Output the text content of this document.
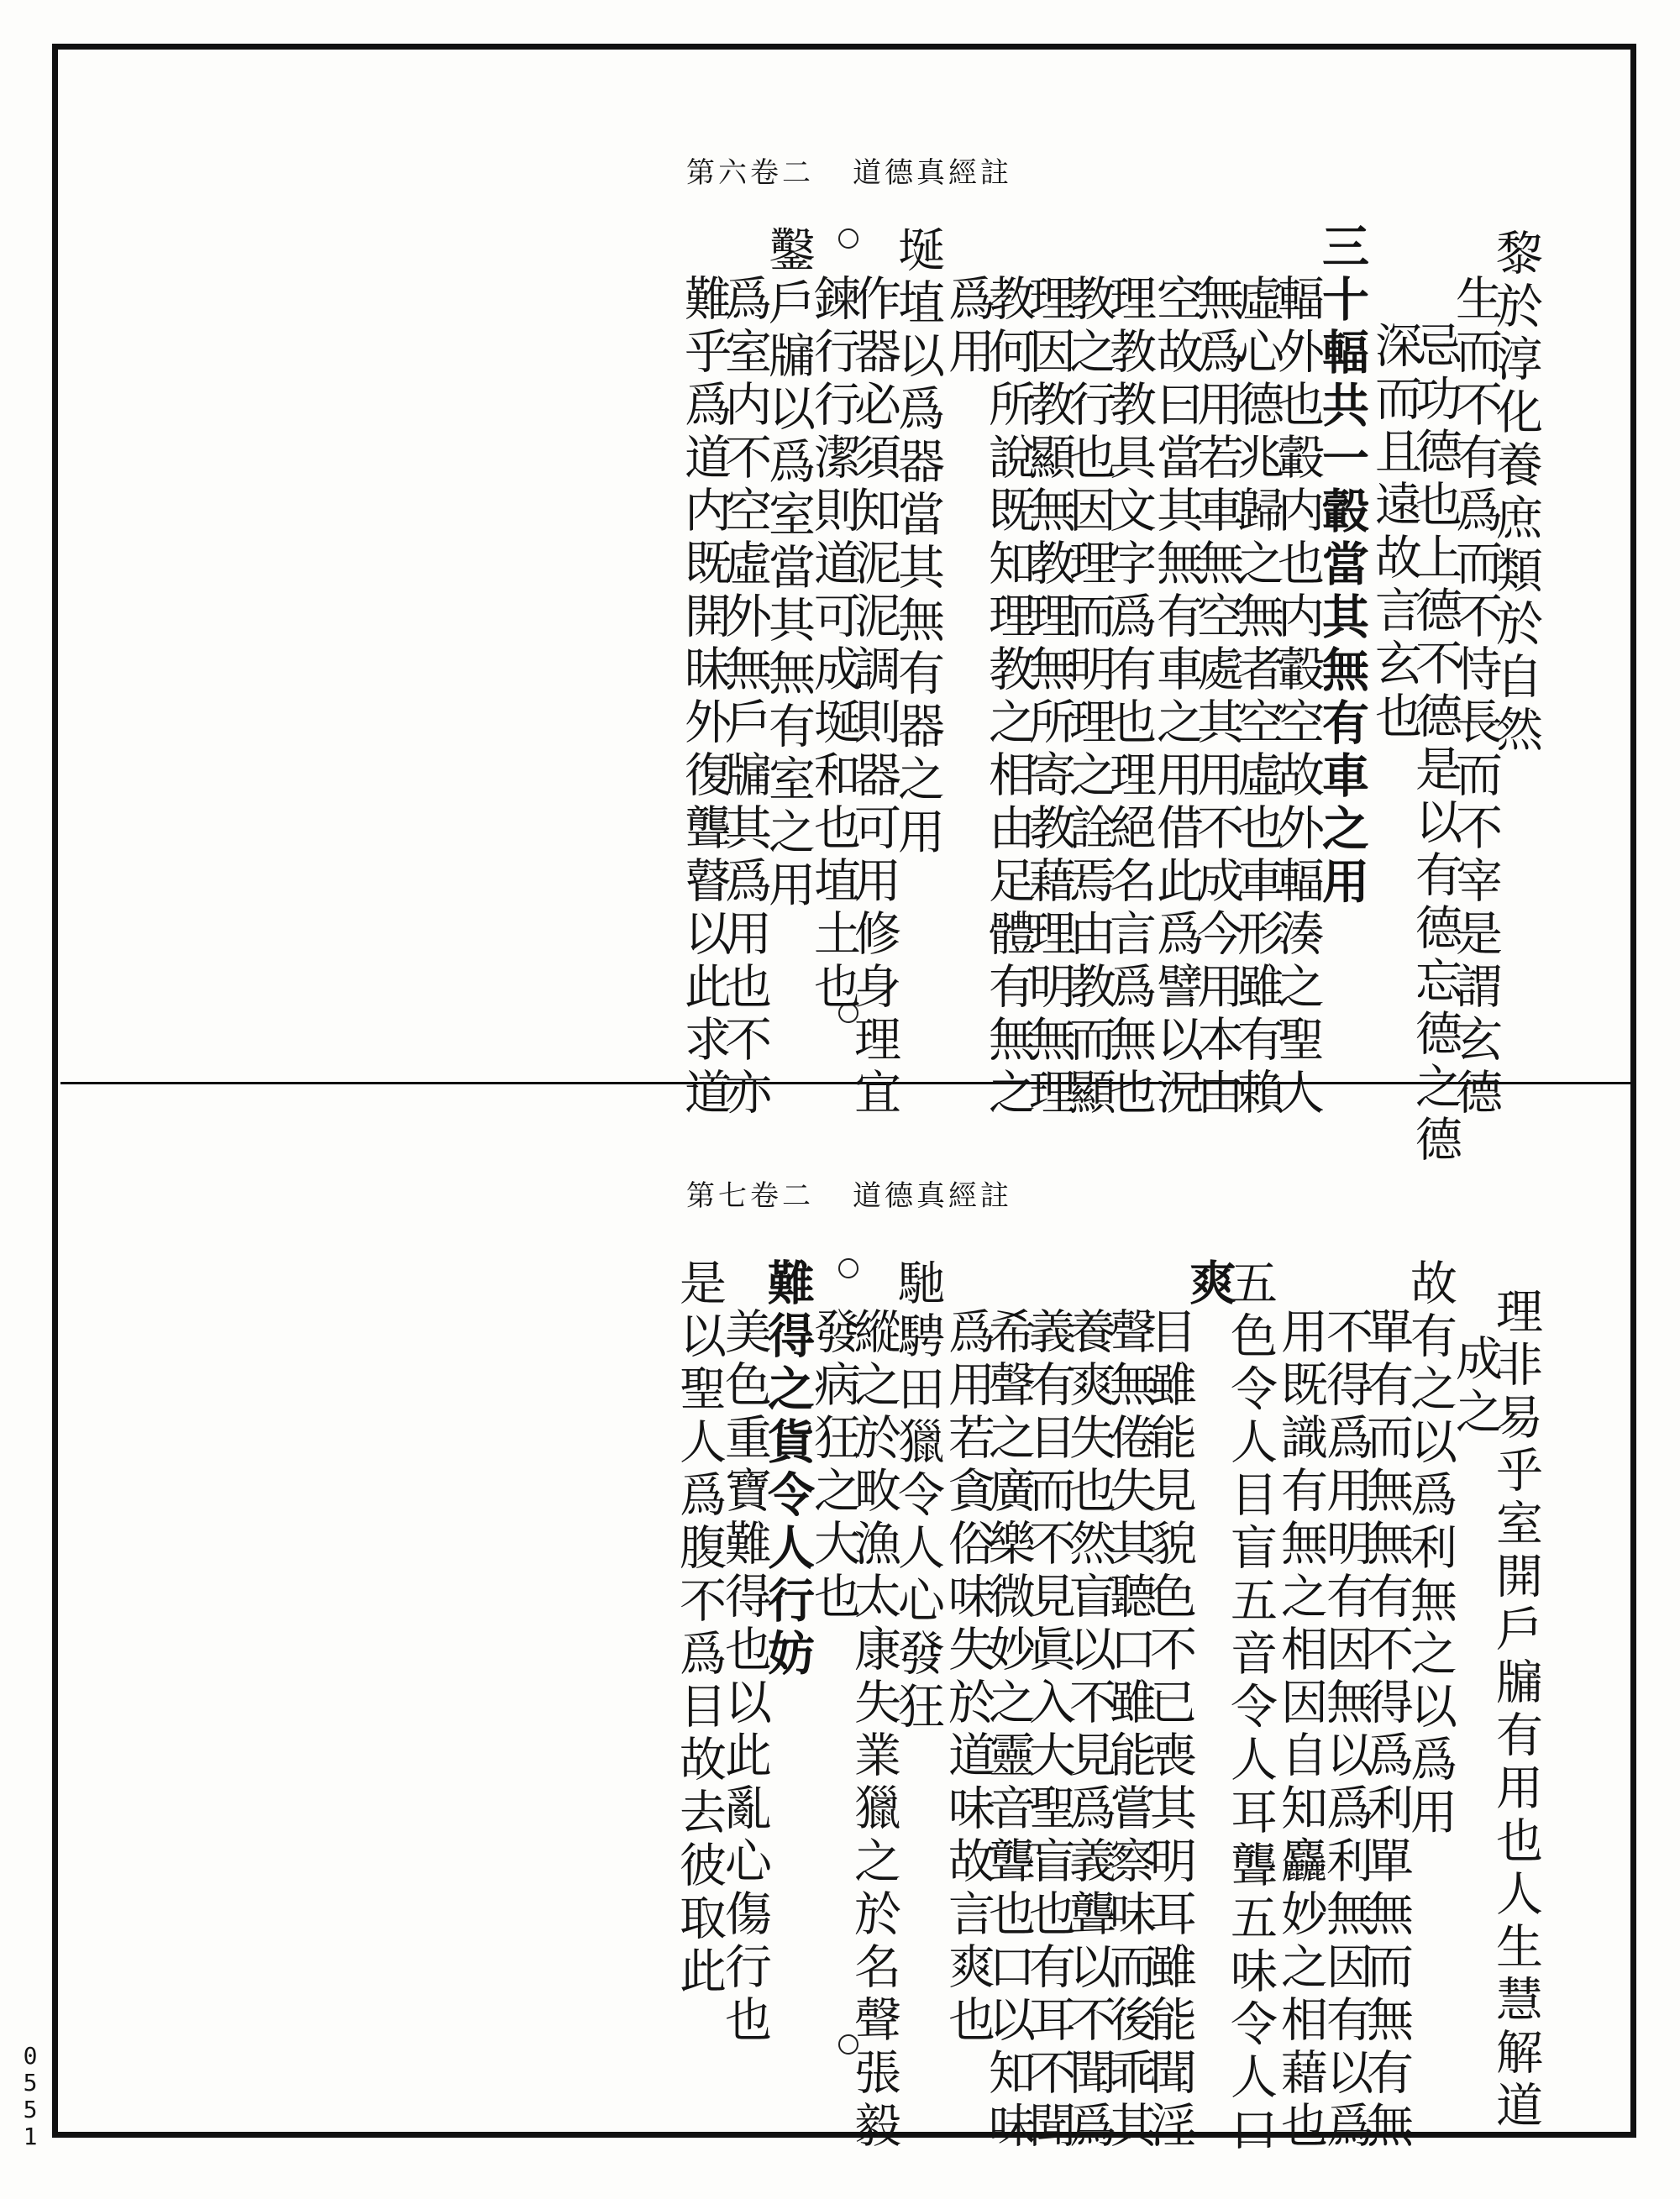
第六卷二 道德真經註
黎於淳化養庶類於自然
生而不有爲而不恃長而不宰是謂玄德
忌功德也上德不德是以有德忘德之德
深而且遠故言玄也
三十輻共一轂當其無有車之用
輻外也轂内也内轂空故外輻湊之聖人
虛心德兆歸之無者空虛也車形雖有賴
無爲用若車無空處其用不成今用本由
空故曰當其無有車之用借此爲譬以況
理教教具文字爲有也理絕名言爲無也
教之行也因理而明理之詮焉由教而顯
理因教顯無教理無所寄教藉理明無理
教何所說既知理教之相由足體有無之
爲用
埏埴以爲器當其無有器之用
作器必須知泥泥調則器可用修身理宜
鍊行行潔則道可成埏和也埴土也
鑿戶牖以爲室當其無有室之用
爲室内不空虛外無戶牖其爲用也不亦
難乎爲道内既開昧外復聾瞽以此求道
第七卷二 道德真經註
理非易乎室開戶牖有用也人生慧解道
成之
故有之以爲利無之以爲用
單有而無無有不得爲利單無而無有無
不得爲用明有因無以爲利無因有以爲
用既識有無之相因自知麤妙之相藉也
五色令人目盲五音令人耳聾五味令人口
爽
目雖能見貌色不已喪其明耳雖能聞淫
聲無倦失其聽口雖能嘗察味而後乖其
養爽失也然盲以不見爲義聾以不聞爲
義有目而不見眞入大聖盲也有耳不聞
希聲之廣樂微妙之靈音聾也口以知味
爲用若貪俗味失於道味故言爽也
馳騁田獵令人心發狂
縱之於畋漁太康失業獵之於名聲張毅
發病狂之大也
難得之貨令人行妨
美色重寶難得也以此亂心傷行也
是以聖人爲腹不爲目故去彼取此
0551
